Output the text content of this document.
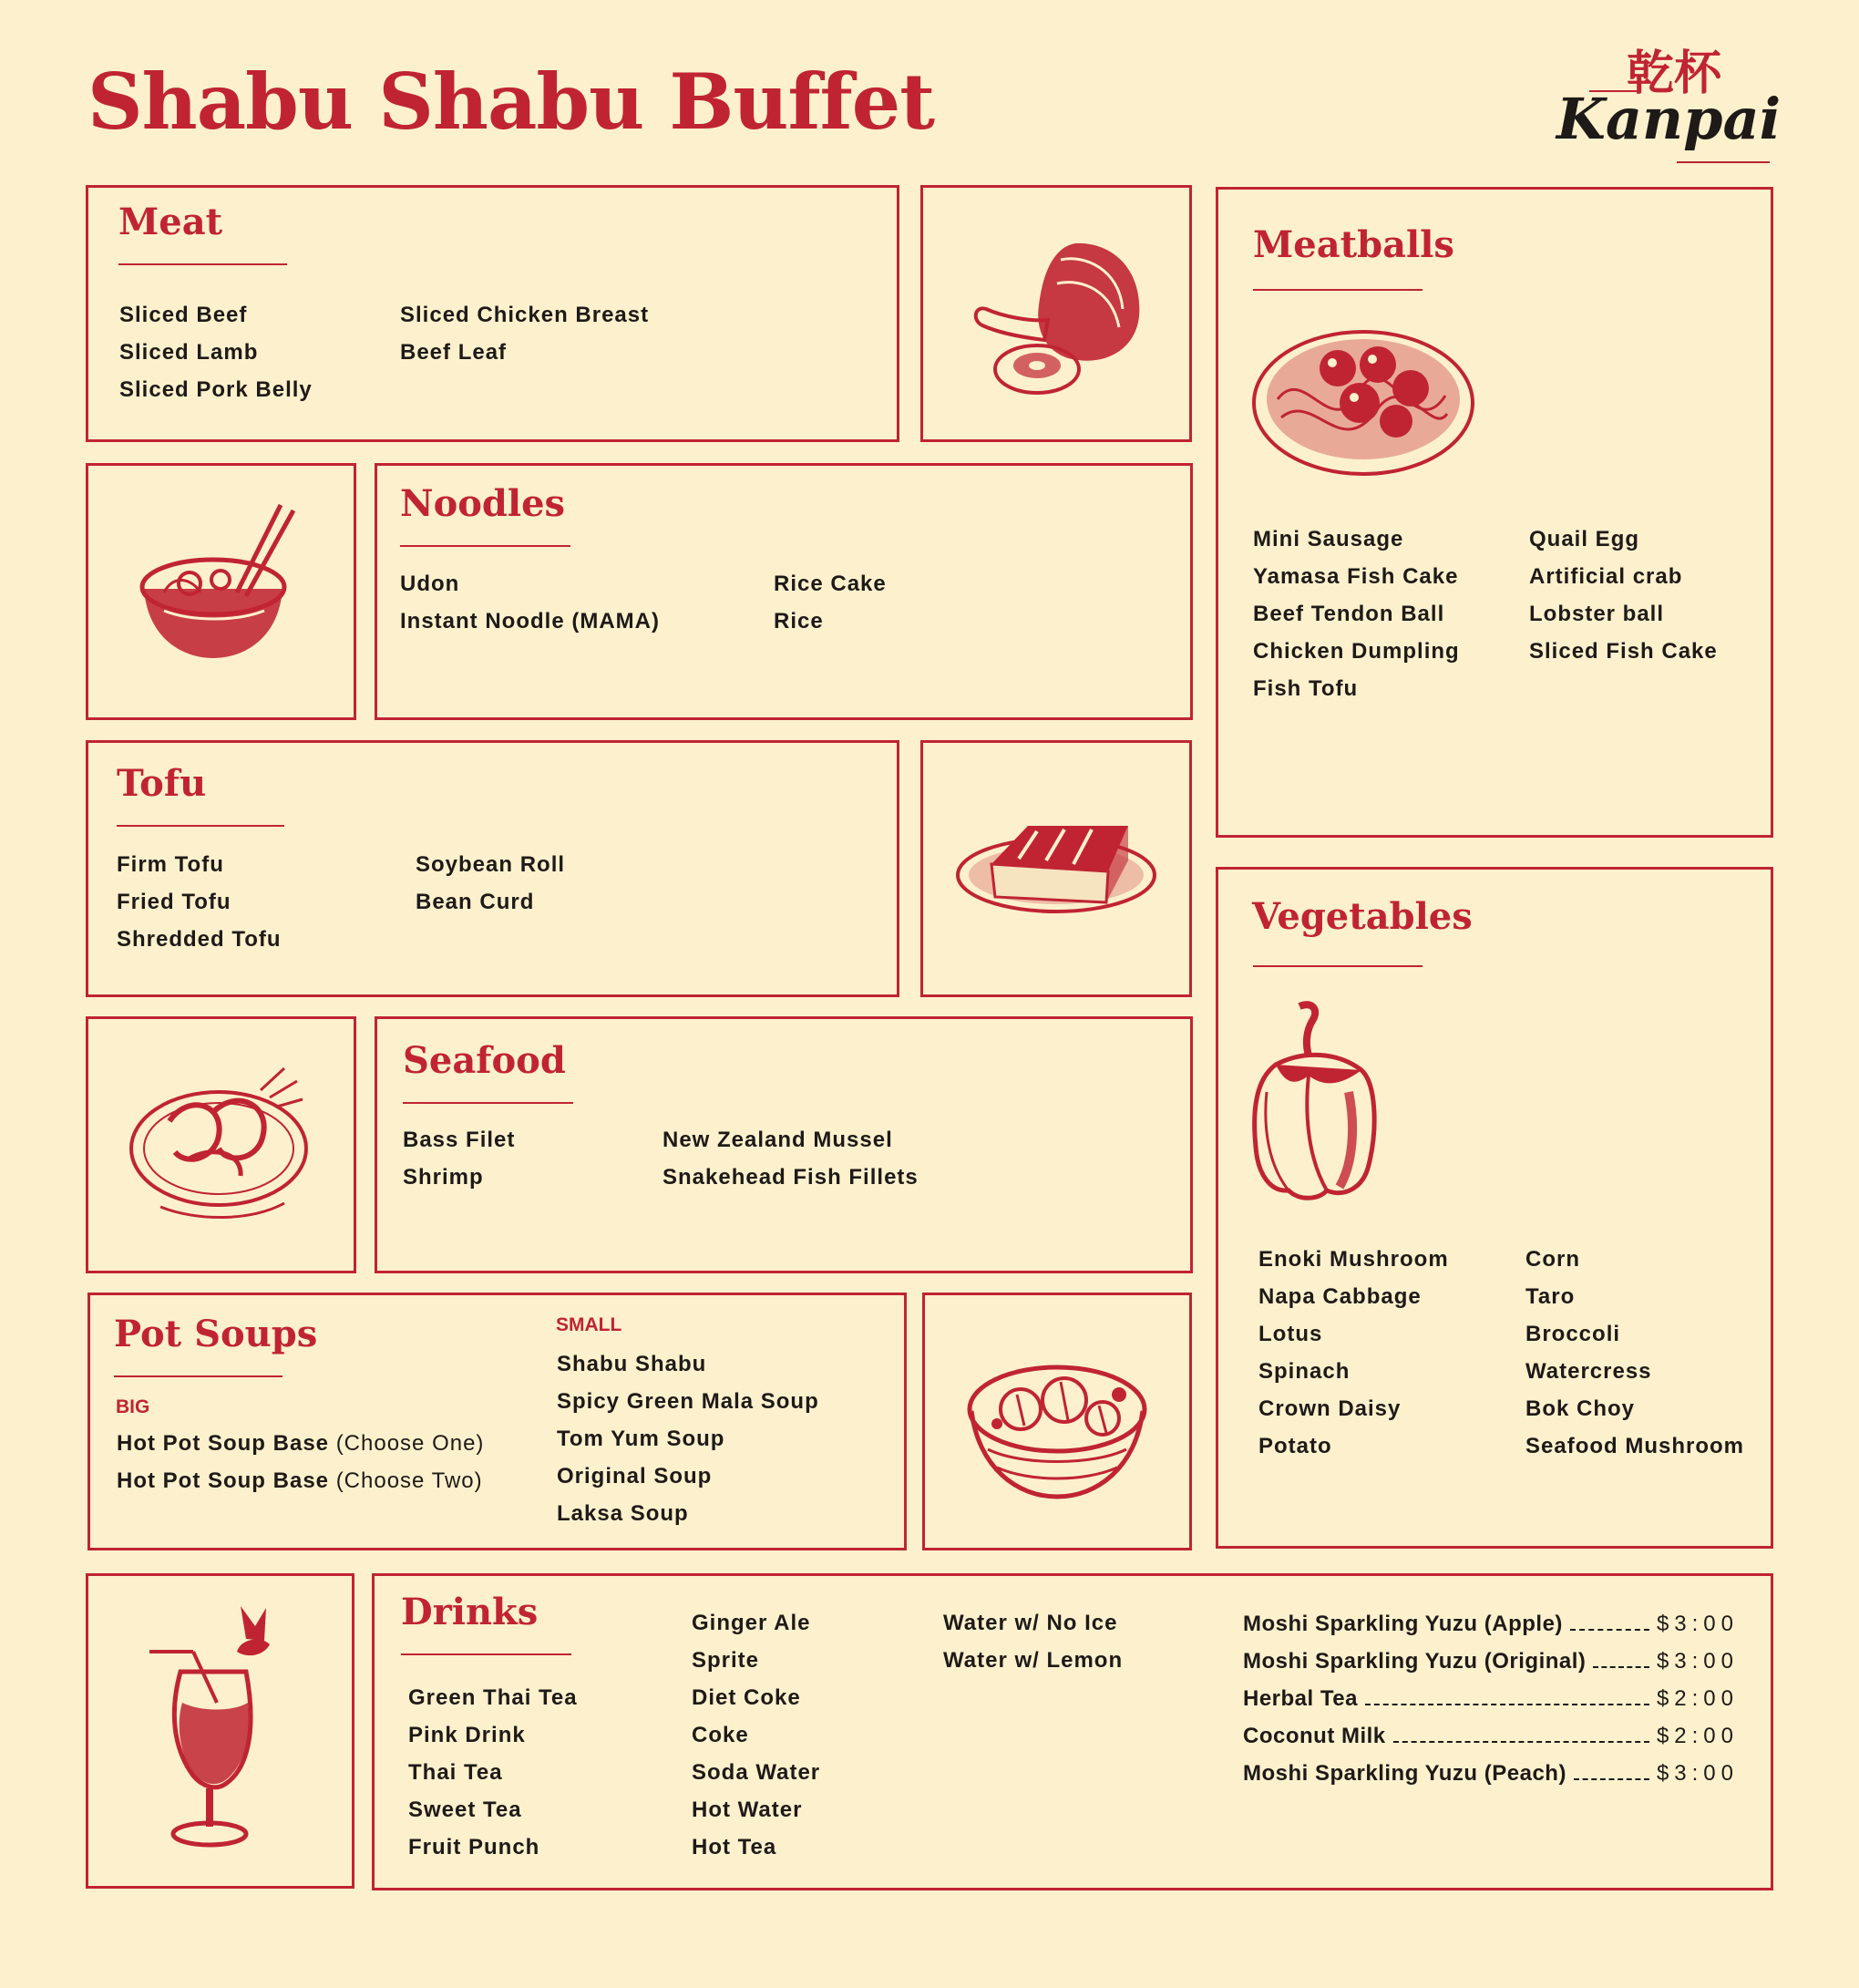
Shabu Shabu Buffet	乾杯
Kanpai
Meat
Sliced Beef
Sliced Lamb
Sliced Pork Belly
Sliced Chicken Breast
Beef Leaf
Noodles
Udon
Instant Noodle (MAMA)
Rice Cake
Rice
Tofu
Firm Tofu
Fried Tofu
Shredded Tofu
Soybean Roll
Bean Curd
Seafood
Bass Filet
Shrimp
New Zealand Mussel
Snakehead Fish Fillets
Pot Soups
BIG
Hot Pot Soup Base (Choose One)
Hot Pot Soup Base (Choose Two)
SMALL
Shabu Shabu
Spicy Green Mala Soup
Tom Yum Soup
Original Soup
Laksa Soup
Meatballs
Mini Sausage
Yamasa Fish Cake
Beef Tendon Ball
Chicken Dumpling
Fish Tofu
Quail Egg
Artificial crab
Lobster ball
Sliced Fish Cake
Vegetables
Enoki Mushroom
Napa Cabbage
Lotus
Spinach
Crown Daisy
Potato
Corn
Taro
Broccoli
Watercress
Bok Choy
Seafood Mushroom
Drinks
Green Thai Tea
Pink Drink
Thai Tea
Sweet Tea
Fruit Punch
Ginger Ale
Sprite
Diet Coke
Coke
Soda Water
Hot Water
Hot Tea
Water w/ No Ice
Water w/ Lemon
Moshi Sparkling Yuzu (Apple)	$3:00
Moshi Sparkling Yuzu (Original)	$3:00
Herbal Tea	$2:00
Coconut Milk	$2:00
Moshi Sparkling Yuzu (Peach)	$3:00
